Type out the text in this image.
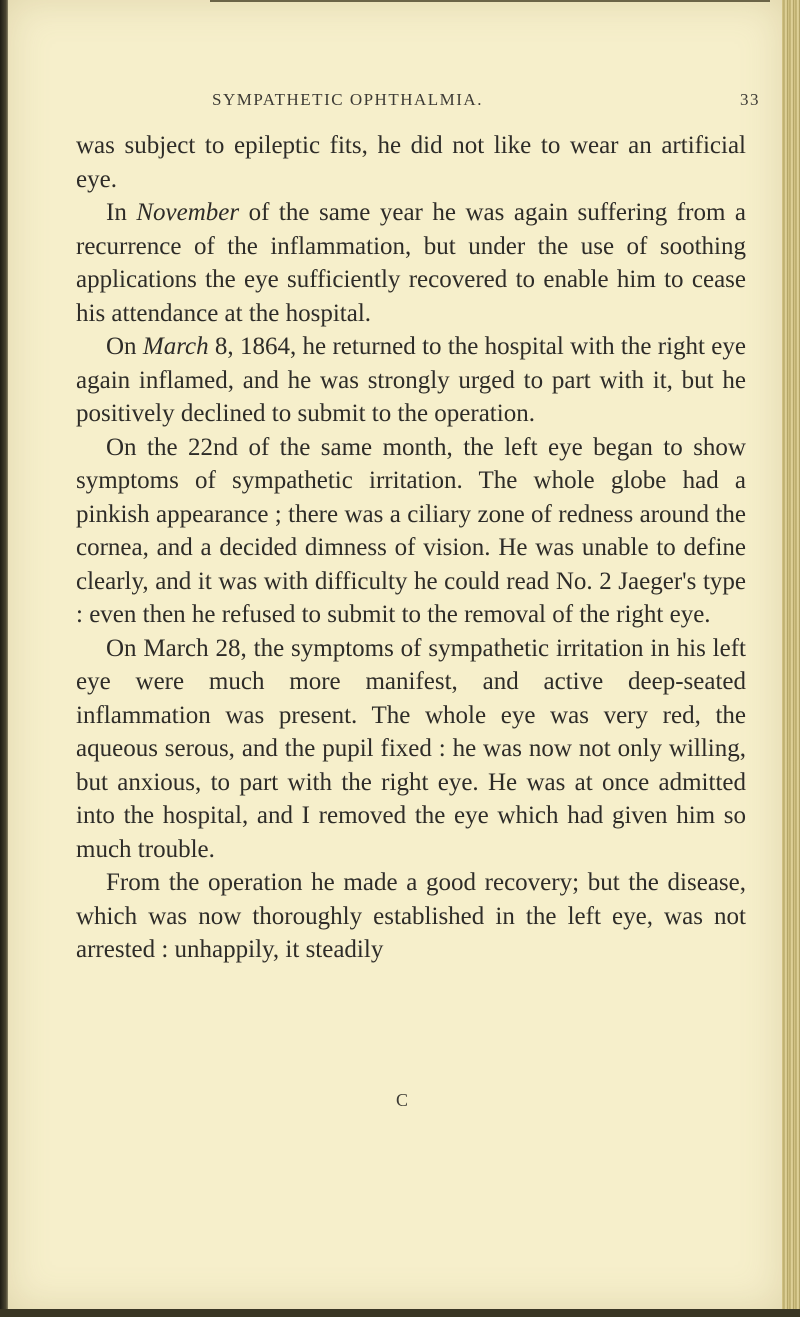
SYMPATHETIC OPHTHALMIA.	33

was subject to epileptic fits, he did not like to wear an artificial eye.

In November of the same year he was again suffering from a recurrence of the inflammation, but under the use of soothing applications the eye sufficiently recovered to enable him to cease his attendance at the hospital.

On March 8, 1864, he returned to the hospital with the right eye again inflamed, and he was strongly urged to part with it, but he positively declined to submit to the operation.

On the 22nd of the same month, the left eye began to show symptoms of sympathetic irritation. The whole globe had a pinkish appearance ; there was a ciliary zone of redness around the cornea, and a decided dimness of vision. He was unable to define clearly, and it was with difficulty he could read No. 2 Jaeger's type : even then he refused to submit to the removal of the right eye.

On March 28, the symptoms of sympathetic irritation in his left eye were much more manifest, and active deep-seated inflammation was present. The whole eye was very red, the aqueous serous, and the pupil fixed : he was now not only willing, but anxious, to part with the right eye. He was at once admitted into the hospital, and I removed the eye which had given him so much trouble.

From the operation he made a good recovery; but the disease, which was now thoroughly established in the left eye, was not arrested : unhappily, it steadily

C
